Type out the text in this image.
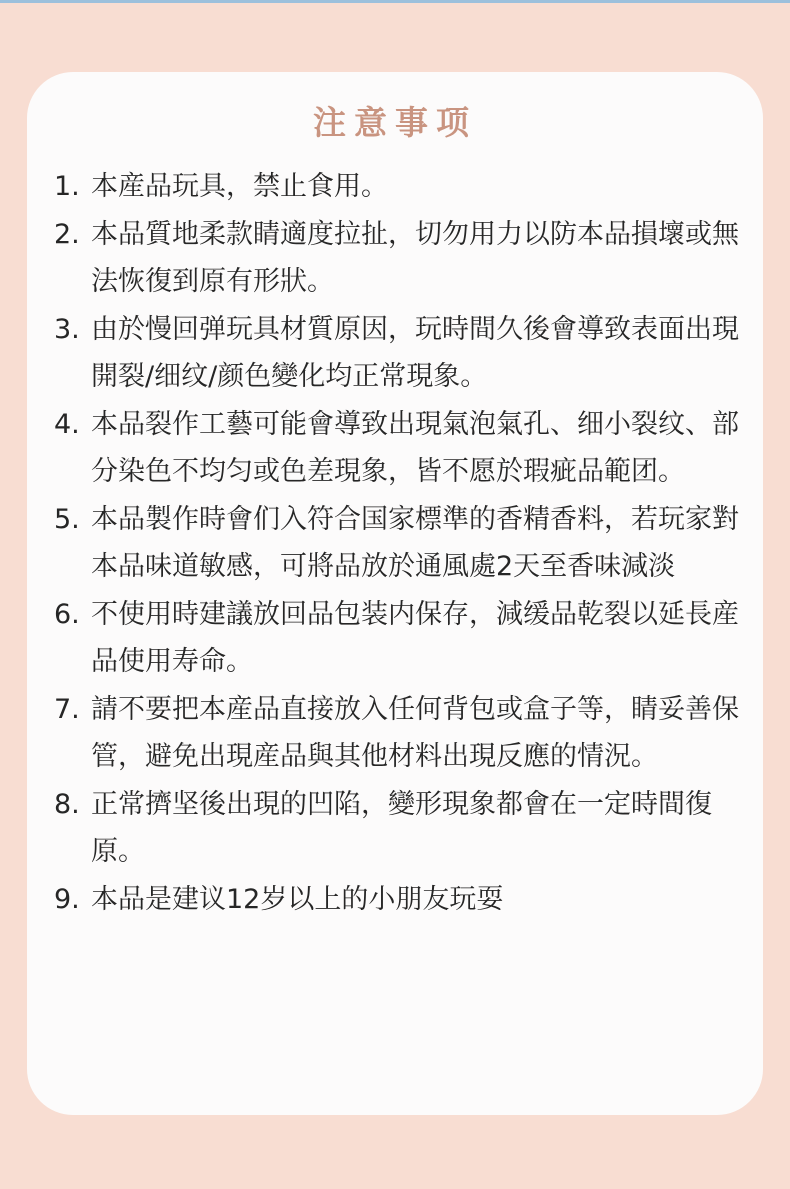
注意事项
1. 本産品玩具，禁止食用。
2. 本品質地柔款睛適度拉扯，切勿用力以防本品損壞或無法恢復到原有形狀。
3. 由於慢回弹玩具材質原因，玩時間久後會導致表面出現開裂/细纹/颜色變化均正常現象。
4. 本品裂作工藝可能會導致出現氣泡氣孔、细小裂纹、部分染色不均匀或色差現象，皆不愿於瑕疵品範团。
5. 本品製作時會们入符合国家標準的香精香料，若玩家對本品味道敏感，可將品放於通風處2天至香味減淡
6. 不使用時建議放回品包装内保存，減缓品乾裂以延長産品使用寿命。
7. 請不要把本産品直接放入任何背包或盒子等，睛妥善保管，避免出現産品與其他材料出現反應的情況。
8. 正常擠坚後出現的凹陷，變形現象都會在一定時間復原。
9. 本品是建议12岁以上的小朋友玩耍
